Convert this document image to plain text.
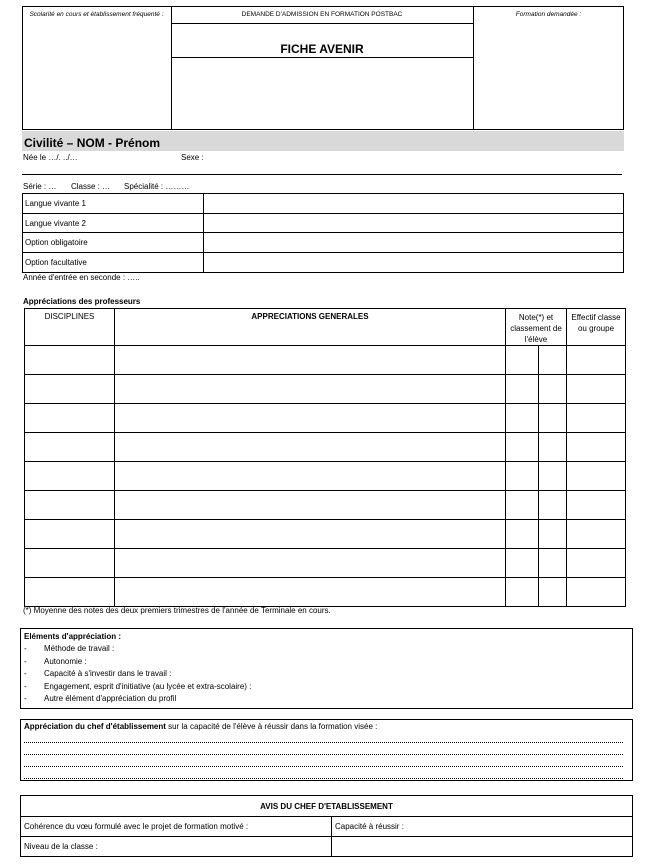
Scolarité en cours et établissement fréquenté :	DEMANDE D'ADMISSION EN FORMATION POSTBAC
FICHE AVENIR
Formation demandée :
Civilité – NOM - Prénom
Née le …/. ../…	Sexe :
Série : … Classe : … Spécialité : ………
Langue vivante 1	
Langue vivante 2	
Option obligatoire	
Option facultative	
Année d'entrée en seconde : …..
Appréciations des professeurs
DISCIPLINES	APPRECIATIONS GENERALES	Note(*) et classement de l'élève		Effectif classe ou groupe

(*) Moyenne des notes des deux premiers trimestres de l'année de Terminale en cours.
Eléments d'appréciation :
- Méthode de travail :
- Autonomie :
- Capacité à s'investir dans le travail :
- Engagement, esprit d'initiative (au lycée et extra-scolaire) :
- Autre élément d'appréciation du profil
Appréciation du chef d'établissement sur la capacité de l'élève à réussir dans la formation visée :
AVIS DU CHEF D'ETABLISSEMENT	
Cohérence du vœu formulé avec le projet de formation motivé :	Capacité à réussir :
Niveau de la classe :	
